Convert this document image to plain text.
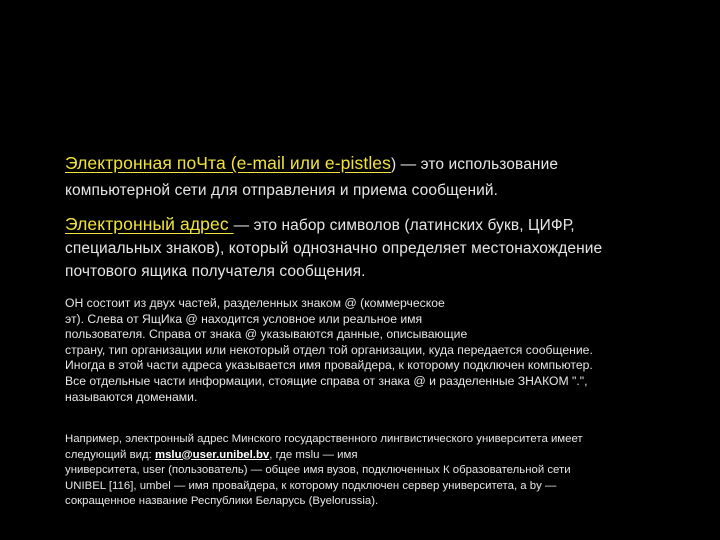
Электронная поЧта (e-mail или e-pistles) — это использование
компьютерной сети для отправления и приема сообщений.
Электронный адрес — это набор символов (латинских букв, ЦИФР,
специальных знаков), который однозначно определяет местонахождение
почтового ящика получателя сообщения.
ОН состоит из двух частей, разделенных знаком @ (коммерческое
эт). Слева от ЯщИка @ находится условное или реальное имя
пользователя. Справа от знака @ указываются данные, описывающие
страну, тип организации или некоторый отдел той организации, куда передается сообщение.
Иногда в этой части адреса указывается имя провайдера, к которому подключен компьютер.
Все отдельные части информации, стоящие справа от знака @ и разделенные ЗНАКОМ ".",
называются доменами.
Например, электронный адрес Минского государственного лингвистического университета имеет
следующий вид: mslu@user.unibel.bv, где mslu — имя
университета, user (пользователь) — общее имя вузов, подключенных К образовательной сети
UNIBEL [116], umbel — имя провайдера, к которому подключен сервер университета, а by —
сокращенное название Республики Беларусь (Byelorussia).
